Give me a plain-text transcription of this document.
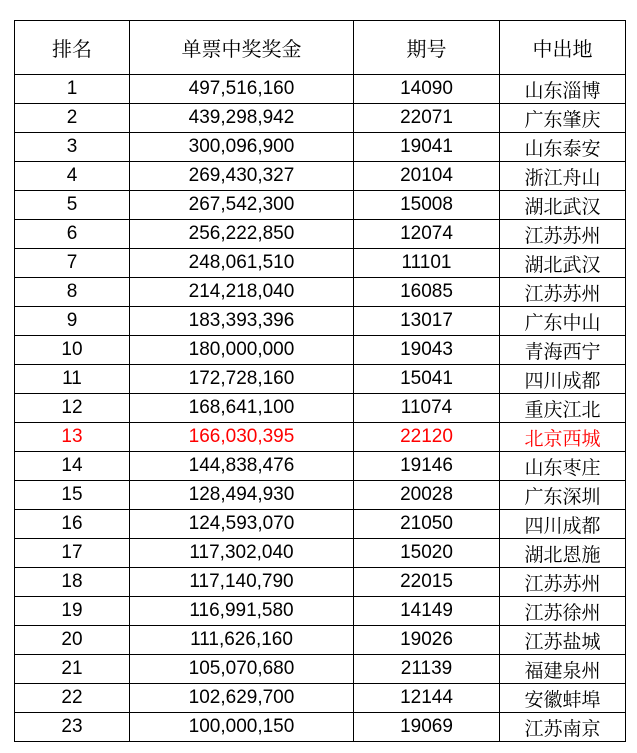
排名	单票中奖奖金	期号	中出地
1	497,516,160	14090	山东淄博
2	439,298,942	22071	广东肇庆
3	300,096,900	19041	山东泰安
4	269,430,327	20104	浙江舟山
5	267,542,300	15008	湖北武汉
6	256,222,850	12074	江苏苏州
7	248,061,510	11101	湖北武汉
8	214,218,040	16085	江苏苏州
9	183,393,396	13017	广东中山
10	180,000,000	19043	青海西宁
11	172,728,160	15041	四川成都
12	168,641,100	11074	重庆江北
13	166,030,395	22120	北京西城
14	144,838,476	19146	山东枣庄
15	128,494,930	20028	广东深圳
16	124,593,070	21050	四川成都
17	117,302,040	15020	湖北恩施
18	117,140,790	22015	江苏苏州
19	116,991,580	14149	江苏徐州
20	111,626,160	19026	江苏盐城
21	105,070,680	21139	福建泉州
22	102,629,700	12144	安徽蚌埠
23	100,000,150	19069	江苏南京
